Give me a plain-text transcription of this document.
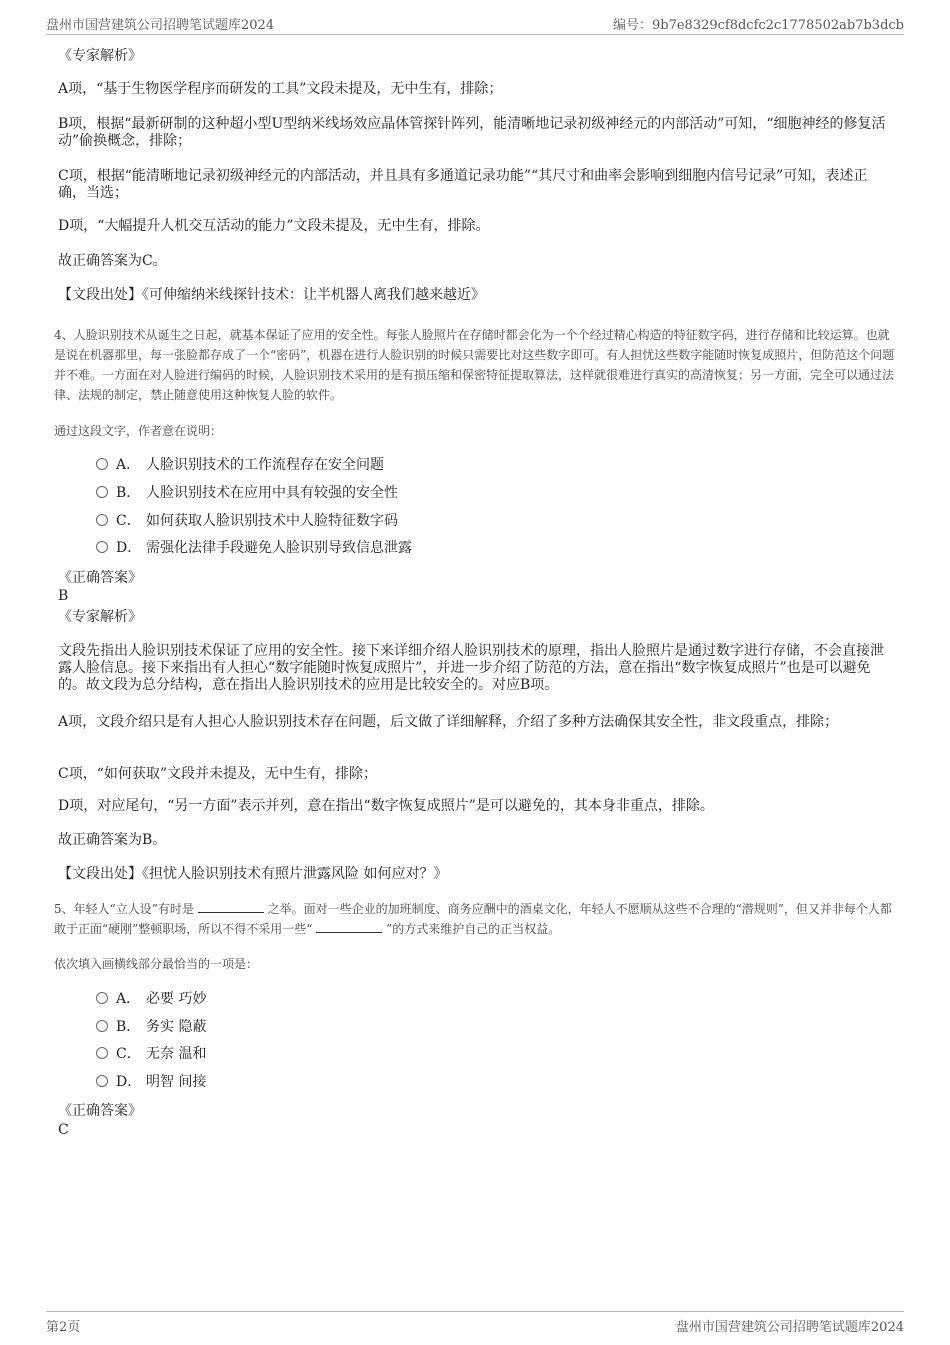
盘州市国营建筑公司招聘笔试题库2024	编号：9b7e8329cf8dcfc2c1778502ab7b3dcb
《专家解析》
A项，“基于生物医学程序而研发的工具”文段未提及，无中生有，排除；
B项，根据“最新研制的这种超小型U型纳米线场效应晶体管探针阵列，能清晰地记录初级神经元的内部活动”可知，“细胞神经的修复活动”偷换概念，排除；
C项，根据“能清晰地记录初级神经元的内部活动，并且具有多通道记录功能”“其尺寸和曲率会影响到细胞内信号记录”可知，表述正确，当选；
D项，“大幅提升人机交互活动的能力”文段未提及，无中生有，排除。
故正确答案为C。
【文段出处】《可伸缩纳米线探针技术：让半机器人离我们越来越近》
4、人脸识别技术从诞生之日起，就基本保证了应用的安全性。每张人脸照片在存储时都会化为一个个经过精心构造的特征数字码，进行存储和比较运算。也就是说在机器那里，每一张脸都存成了一个“密码”，机器在进行人脸识别的时候只需要比对这些数字即可。有人担忧这些数字能随时恢复成照片，但防范这个问题并不难。一方面在对人脸进行编码的时候，人脸识别技术采用的是有损压缩和保密特征提取算法，这样就很难进行真实的高清恢复；另一方面，完全可以通过法律、法规的制定，禁止随意使用这种恢复人脸的软件。
通过这段文字，作者意在说明：
A． 人脸识别技术的工作流程存在安全问题
B． 人脸识别技术在应用中具有较强的安全性
C． 如何获取人脸识别技术中人脸特征数字码
D． 需强化法律手段避免人脸识别导致信息泄露
《正确答案》
B
《专家解析》
文段先指出人脸识别技术保证了应用的安全性。接下来详细介绍人脸识别技术的原理，指出人脸照片是通过数字进行存储，不会直接泄露人脸信息。接下来指出有人担心“数字能随时恢复成照片”，并进一步介绍了防范的方法，意在指出“数字恢复成照片”也是可以避免的。故文段为总分结构，意在指出人脸识别技术的应用是比较安全的。对应B项。
A项，文段介绍只是有人担心人脸识别技术存在问题，后文做了详细解释，介绍了多种方法确保其安全性，非文段重点，排除；
C项，“如何获取”文段并未提及，无中生有，排除；
D项，对应尾句，“另一方面”表示并列，意在指出“数字恢复成照片”是可以避免的，其本身非重点，排除。
故正确答案为B。
【文段出处】《担忧人脸识别技术有照片泄露风险 如何应对？》
5、年轻人“立人设”有时是	之举。面对一些企业的加班制度、商务应酬中的酒桌文化，年轻人不愿顺从这些不合理的“潜规则”，但又并非每个人都敢于正面“硬刚”整顿职场，所以不得不采用一些“	”的方式来维护自己的正当权益。
依次填入画横线部分最恰当的一项是：
A． 必要 巧妙
B． 务实 隐蔽
C． 无奈 温和
D． 明智 间接
《正确答案》
C
第2页	盘州市国营建筑公司招聘笔试题库2024
